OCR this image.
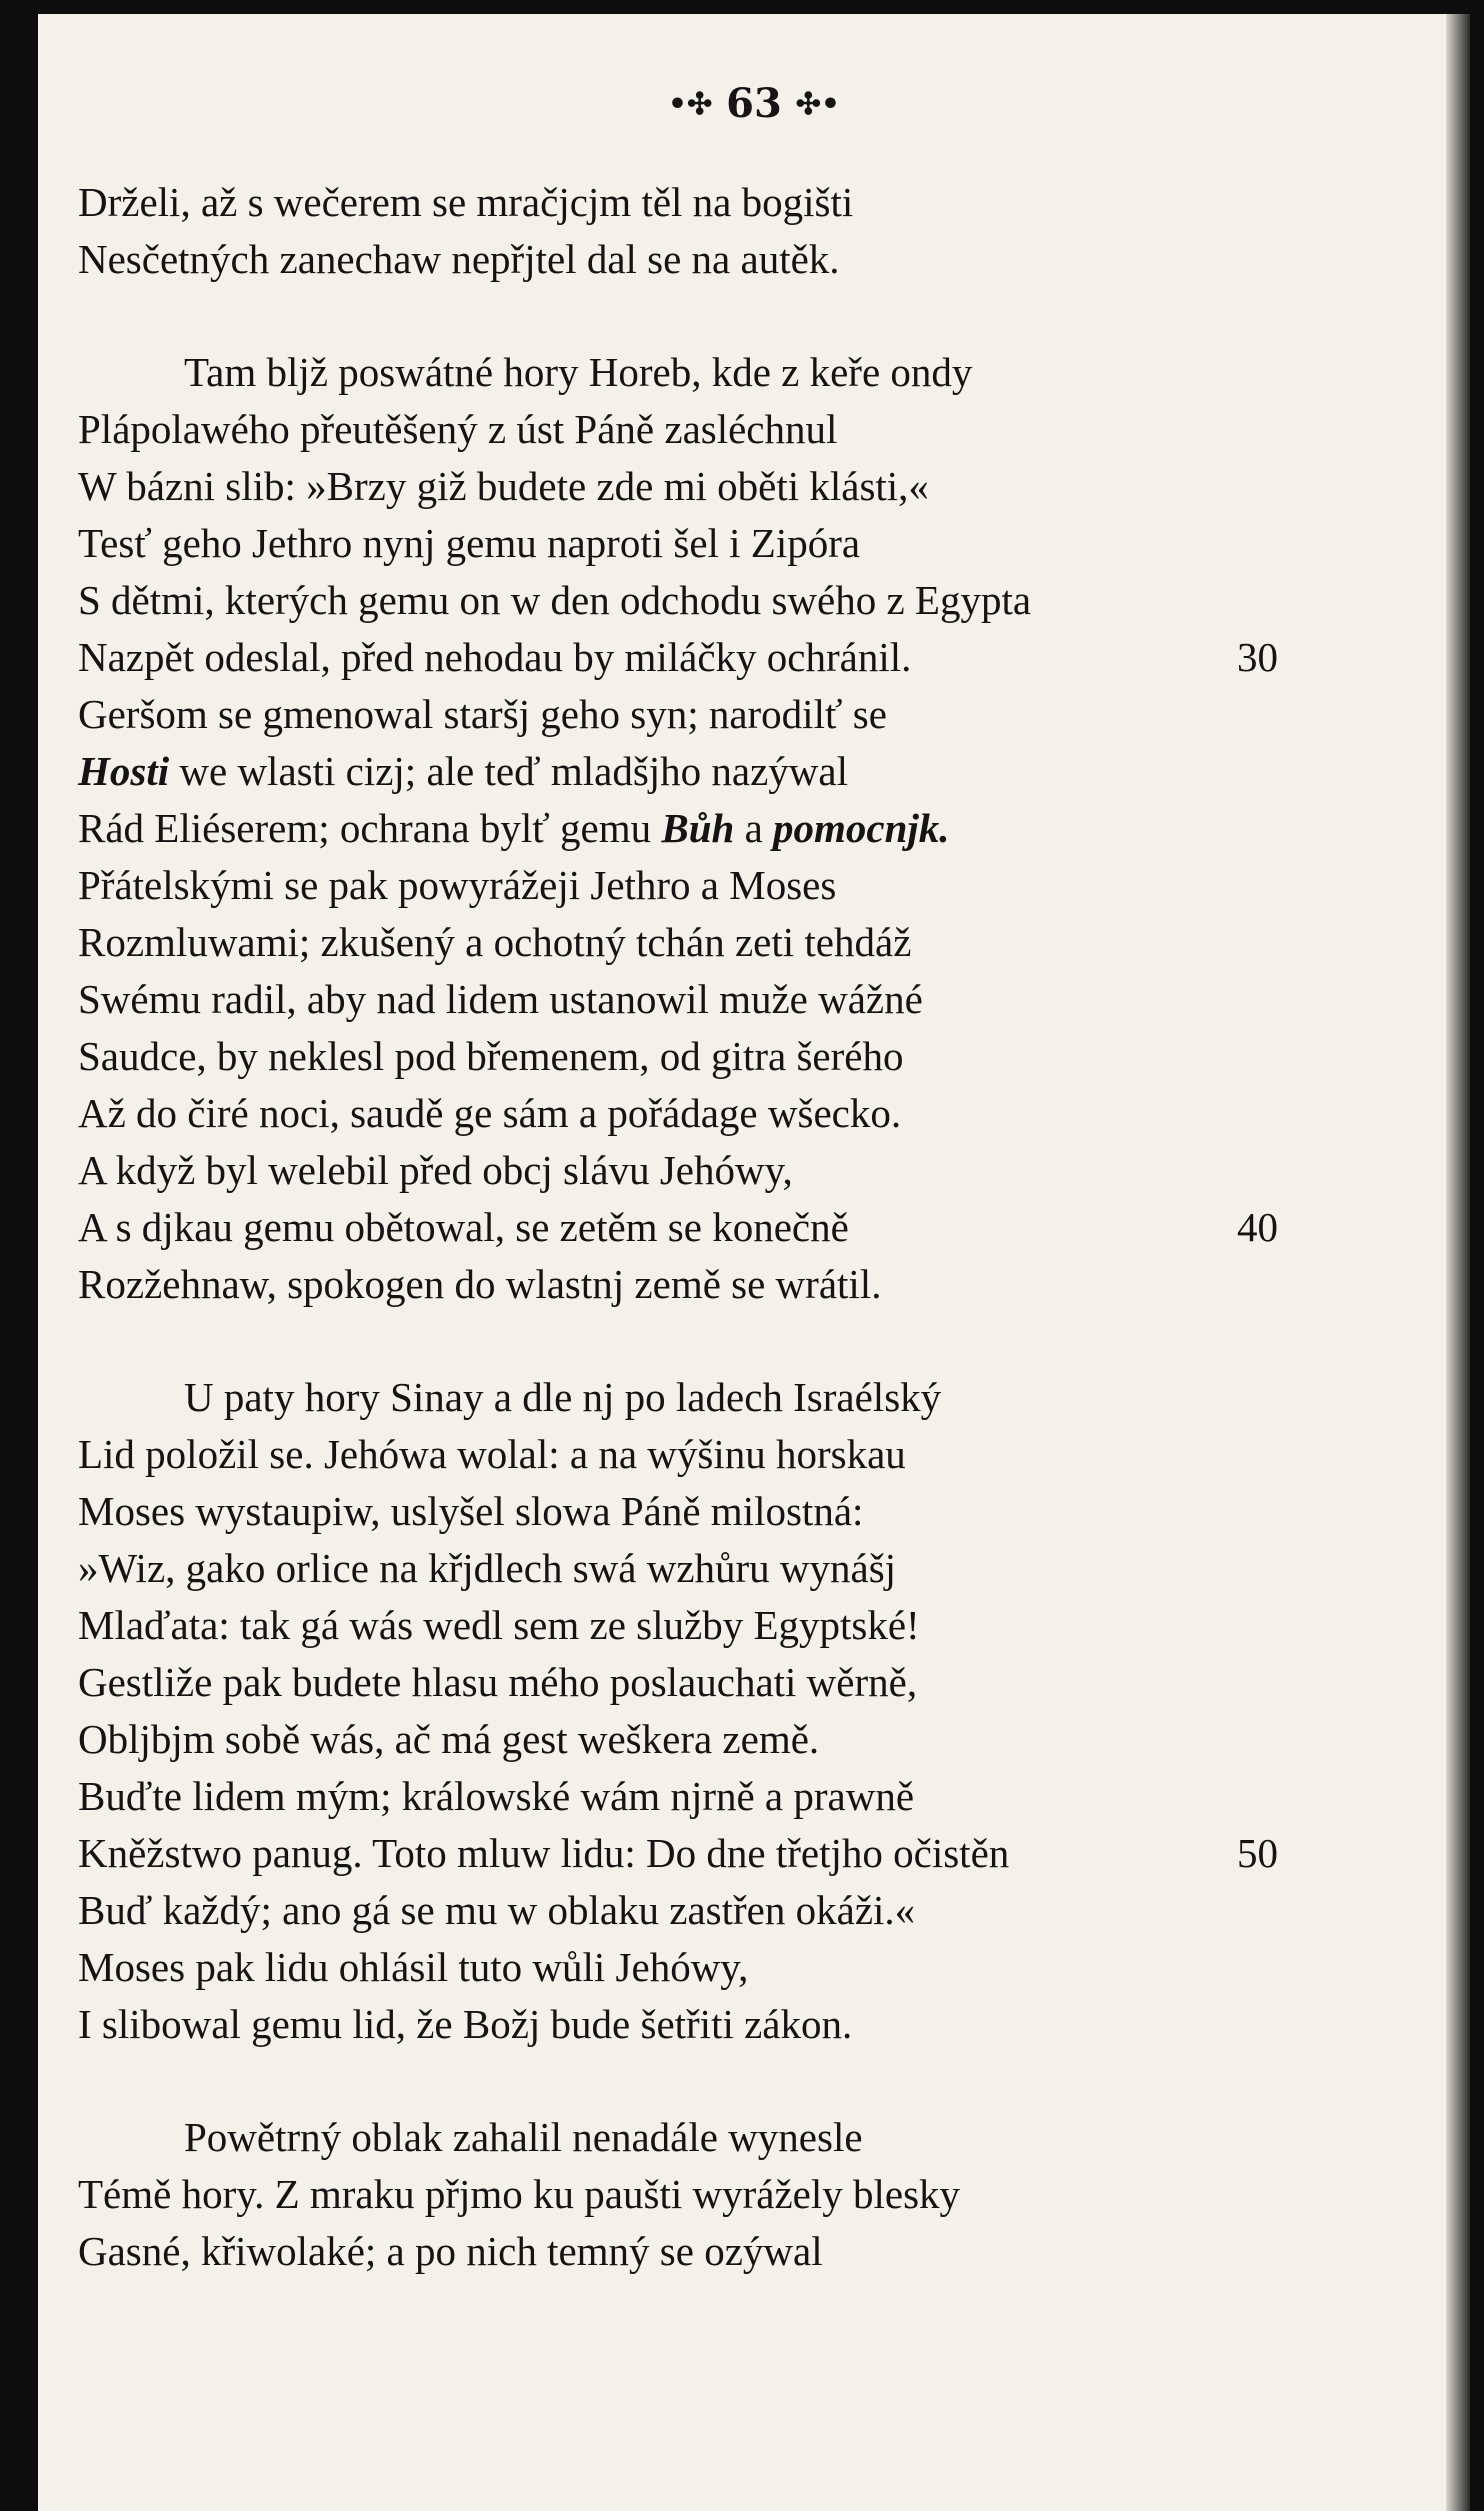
•✣ 63 ✣•
Drželi, až s wečerem se mračjcjm těl na bogišti
Nesčetných zanechaw nepřjtel dal se na autěk.
Tam bljž poswátné hory Horeb, kde z keře ondy
Plápolawého přeutěšený z úst Páně zasléchnul
W bázni slib: »Brzy giž budete zde mi oběti klásti,«
Tesť geho Jethro nynj gemu naproti šel i Zipóra
S dětmi, kterých gemu on w den odchodu swého z Egypta
Nazpět odeslal, před nehodau by miláčky ochránil.	30
Geršom se gmenowal staršj geho syn; narodilť se
Hosti we wlasti cizj; ale teď mladšjho nazýwal
Rád Eliéserem; ochrana bylť gemu Bůh a pomocnjk.
Přátelskými se pak powyrážeji Jethro a Moses
Rozmluwami; zkušený a ochotný tchán zeti tehdáž
Swému radil, aby nad lidem ustanowil muže wážné
Saudce, by neklesl pod břemenem, od gitra šerého
Až do čiré noci, saudě ge sám a pořádage wšecko.
A když byl welebil před obcj slávu Jehówy,
A s djkau gemu obětowal, se zetěm se konečně	40
Rozžehnaw, spokogen do wlastnj země se wrátil.
U paty hory Sinay a dle nj po ladech Israélský
Lid položil se. Jehówa wolal: a na wýšinu horskau
Moses wystaupiw, uslyšel slowa Páně milostná:
»Wiz, gako orlice na křjdlech swá wzhůru wynášj
Mlaďata: tak gá wás wedl sem ze služby Egyptské!
Gestliže pak budete hlasu mého poslauchati wěrně,
Obljbjm sobě wás, ač má gest weškera země.
Buďte lidem mým; králowské wám njrně a prawně
Kněžstwo panug. Toto mluw lidu: Do dne třetjho očistěn	50
Buď každý; ano gá se mu w oblaku zastřen okáži.«
Moses pak lidu ohlásil tuto wůli Jehówy,
I slibowal gemu lid, že Božj bude šetřiti zákon.
Powětrný oblak zahalil nenadále wynesle
Témě hory. Z mraku přjmo ku paušti wyrážely blesky
Gasné, křiwolaké; a po nich temný se ozýwal
